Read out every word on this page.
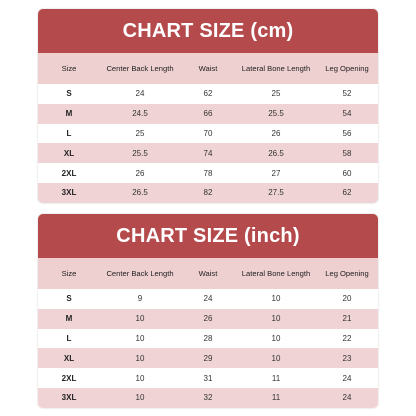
CHART SIZE (cm)
Size	Center Back Length	Waist	Lateral Bone Length	Leg Opening
S	24	62	25	52
M	24.5	66	25.5	54
L	25	70	26	56
XL	25.5	74	26.5	58
2XL	26	78	27	60
3XL	26.5	82	27.5	62
CHART SIZE (inch)
Size	Center Back Length	Waist	Lateral Bone Length	Leg Opening
S	9	24	10	20
M	10	26	10	21
L	10	28	10	22
XL	10	29	10	23
2XL	10	31	11	24
3XL	10	32	11	24
